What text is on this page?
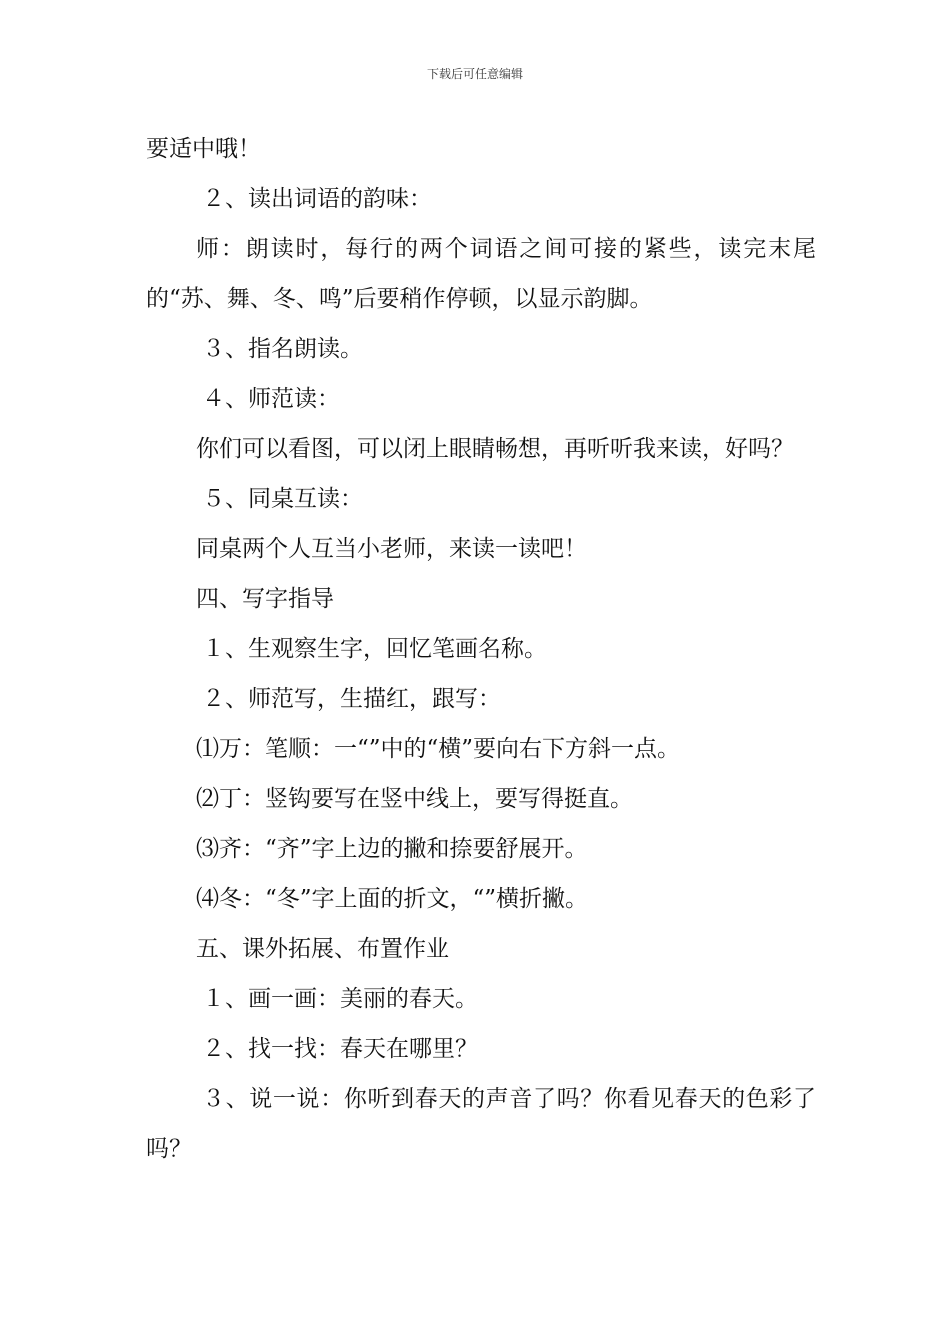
下载后可任意编辑

要适中哦！

２、读出词语的韵味：

师：朗读时，每行的两个词语之间可接的紧些，读完末尾的“苏、舞、冬、鸣”后要稍作停顿，以显示韵脚。

３、指名朗读。

４、师范读：

你们可以看图，可以闭上眼睛畅想，再听听我来读，好吗？

５、同桌互读：

同桌两个人互当小老师，来读一读吧！

四、写字指导

１、生观察生字，回忆笔画名称。

２、师范写，生描红，跟写：

⑴万：笔顺：一“”中的“横”要向右下方斜一点。

⑵丁：竖钩要写在竖中线上，要写得挺直。

⑶齐：“齐”字上边的撇和捺要舒展开。

⑷冬：“冬”字上面的折文，“”横折撇。

五、课外拓展、布置作业

１、画一画：美丽的春天。

２、找一找：春天在哪里？

３、说一说：你听到春天的声音了吗？你看见春天的色彩了吗？
